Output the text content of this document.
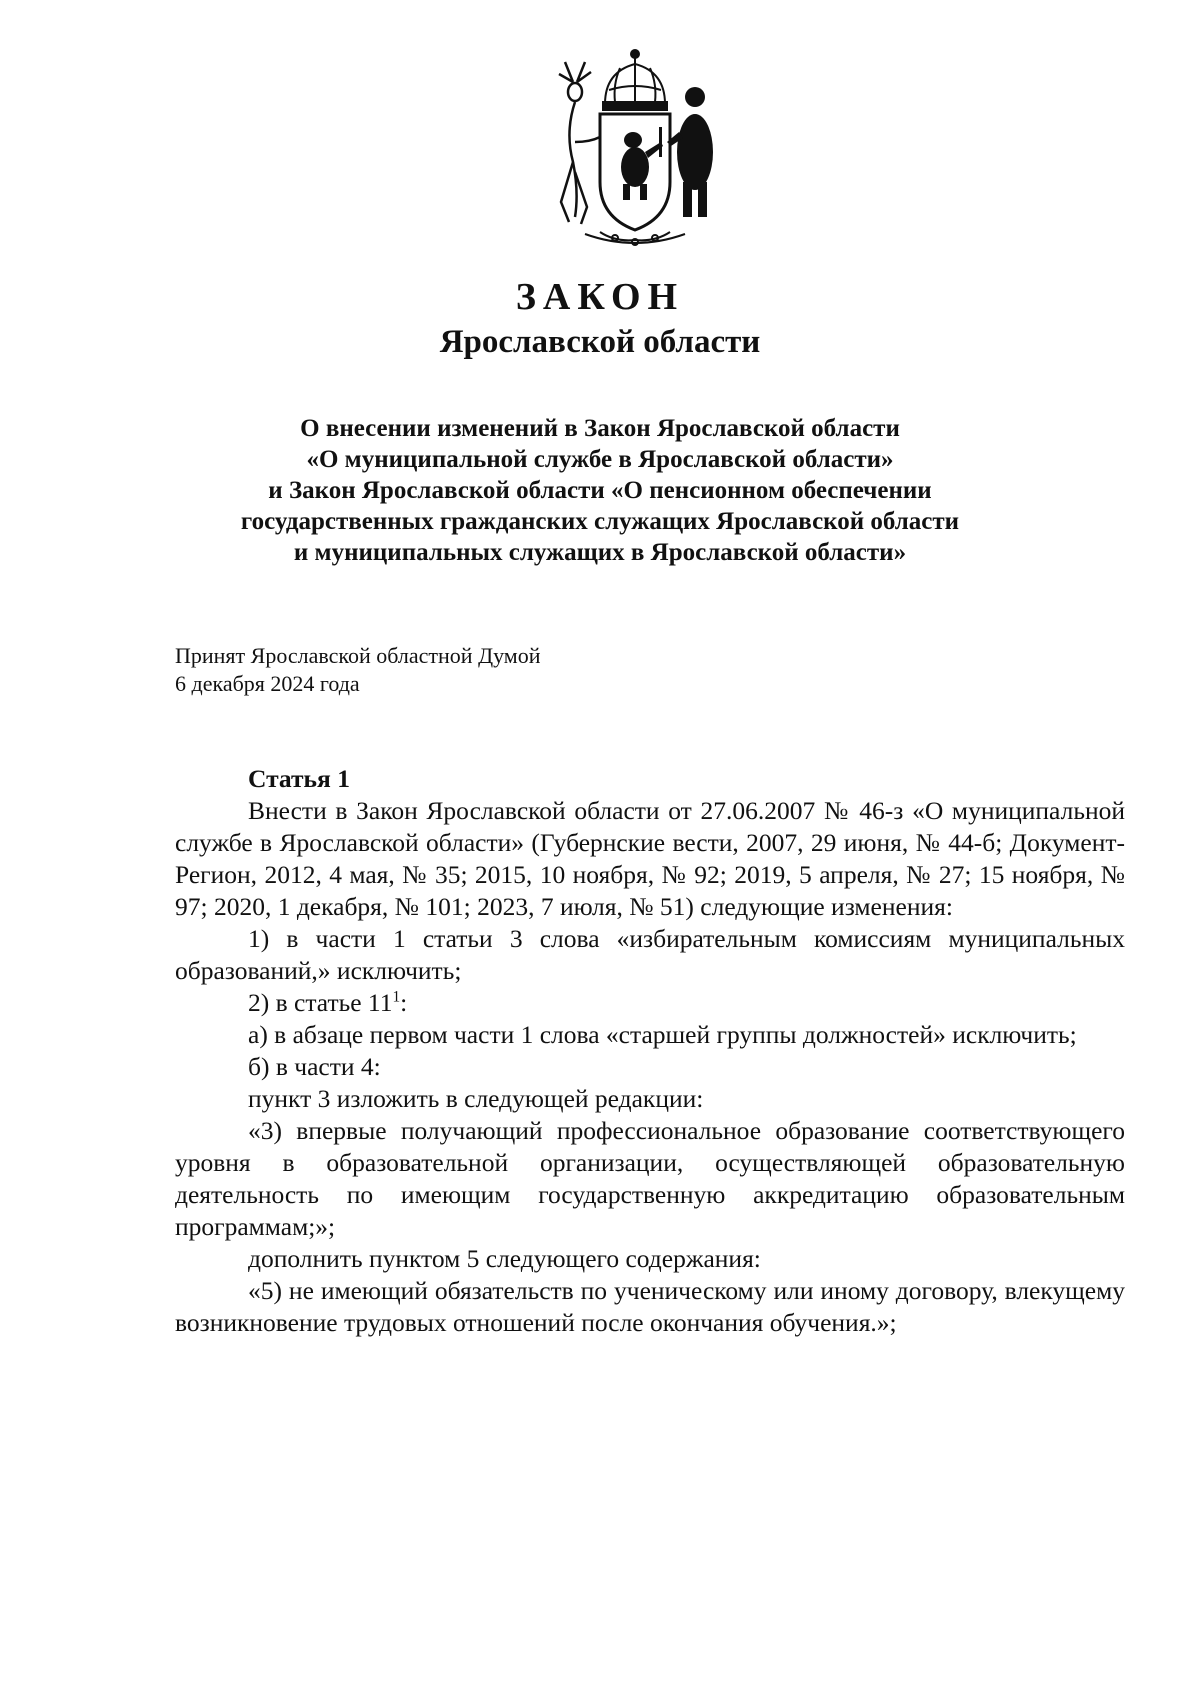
ЗАКОН
Ярославской области
О внесении изменений в Закон Ярославской области
«О муниципальной службе в Ярославской области»
и Закон Ярославской области «О пенсионном обеспечении
государственных гражданских служащих Ярославской области
и муниципальных служащих в Ярославской области»
Принят Ярославской областной Думой
6 декабря 2024 года
Статья 1

Внести в Закон Ярославской области от 27.06.2007 № 46-з «О муниципальной службе в Ярославской области» (Губернские вести, 2007, 29 июня, № 44-б; Документ-Регион, 2012, 4 мая, № 35; 2015, 10 ноября, № 92; 2019, 5 апреля, № 27; 15 ноября, № 97; 2020, 1 декабря, № 101; 2023, 7 июля, № 51) следующие изменения:

1) в части 1 статьи 3 слова «избирательным комиссиям муниципальных образований,» исключить;

2) в статье $11^1$:

а) в абзаце первом части 1 слова «старшей группы должностей» исключить;

б) в части 4:

пункт 3 изложить в следующей редакции:

«3) впервые получающий профессиональное образование соответствующего уровня в образовательной организации, осуществляющей образовательную деятельность по имеющим государственную аккредитацию образовательным программам;»;

дополнить пунктом 5 следующего содержания:

«5) не имеющий обязательств по ученическому или иному договору, влекущему возникновение трудовых отношений после окончания обучения.»;
